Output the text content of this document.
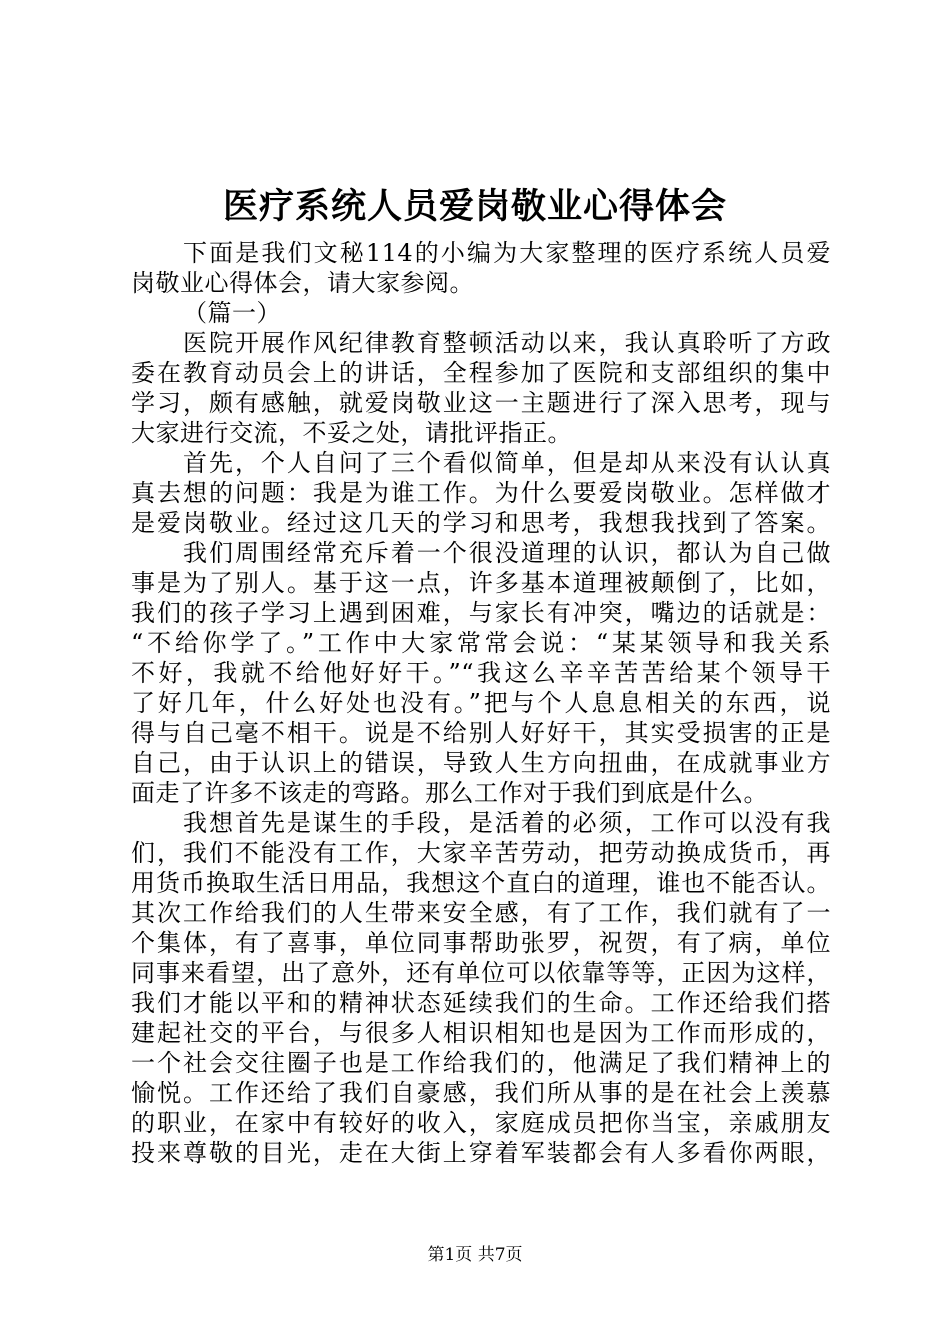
医疗系统人员爱岗敬业心得体会
下面是我们文秘114的小编为大家整理的医疗系统人员爱
岗敬业心得体会，请大家参阅。
（篇一）
医院开展作风纪律教育整顿活动以来，我认真聆听了方政
委在教育动员会上的讲话，全程参加了医院和支部组织的集中
学习，颇有感触，就爱岗敬业这一主题进行了深入思考，现与
大家进行交流，不妥之处，请批评指正。
首先，个人自问了三个看似简单，但是却从来没有认认真
真去想的问题：我是为谁工作。为什么要爱岗敬业。怎样做才
是爱岗敬业。经过这几天的学习和思考，我想我找到了答案。
我们周围经常充斥着一个很没道理的认识，都认为自己做
事是为了别人。基于这一点，许多基本道理被颠倒了，比如，
我们的孩子学习上遇到困难，与家长有冲突，嘴边的话就是：
“不给你学了。”工作中大家常常会说：“某某领导和我关系
不好，我就不给他好好干。”“我这么辛辛苦苦给某个领导干
了好几年，什么好处也没有。”把与个人息息相关的东西，说
得与自己毫不相干。说是不给别人好好干，其实受损害的正是
自己，由于认识上的错误，导致人生方向扭曲，在成就事业方
面走了许多不该走的弯路。那么工作对于我们到底是什么。
我想首先是谋生的手段，是活着的必须，工作可以没有我
们，我们不能没有工作，大家辛苦劳动，把劳动换成货币，再
用货币换取生活日用品，我想这个直白的道理，谁也不能否认。
其次工作给我们的人生带来安全感，有了工作，我们就有了一
个集体，有了喜事，单位同事帮助张罗，祝贺，有了病，单位
同事来看望，出了意外，还有单位可以依靠等等，正因为这样，
我们才能以平和的精神状态延续我们的生命。工作还给我们搭
建起社交的平台，与很多人相识相知也是因为工作而形成的，
一个社会交往圈子也是工作给我们的，他满足了我们精神上的
愉悦。工作还给了我们自豪感，我们所从事的是在社会上羡慕
的职业，在家中有较好的收入，家庭成员把你当宝，亲戚朋友
投来尊敬的目光，走在大街上穿着军装都会有人多看你两眼，
第1页 共7页
